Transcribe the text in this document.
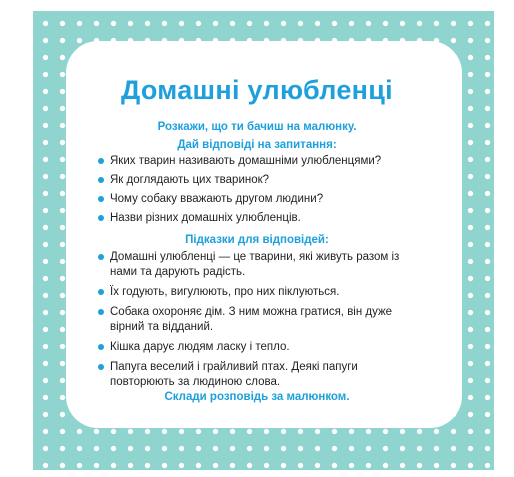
Домашні улюбленці

Розкажи, що ти бачиш на малюнку.

Дай відповіді на запитання:

Яких тварин називають домашніми улюбленцями?
Як доглядають цих тваринок?
Чому собаку вважають другом людини?
Назви різних домашніх улюбленців.

Підказки для відповідей:

Домашні улюбленці — це тварини, які живуть разом із нами та дарують радість.
Їх годують, вигулюють, про них піклуються.
Собака охороняє дім. З ним можна гратися, він дуже вірний та відданий.
Кішка дарує людям ласку і тепло.
Папуга веселий і грайливий птах. Деякі папуги повторюють за людиною слова.

Склади розповідь за малюнком.
